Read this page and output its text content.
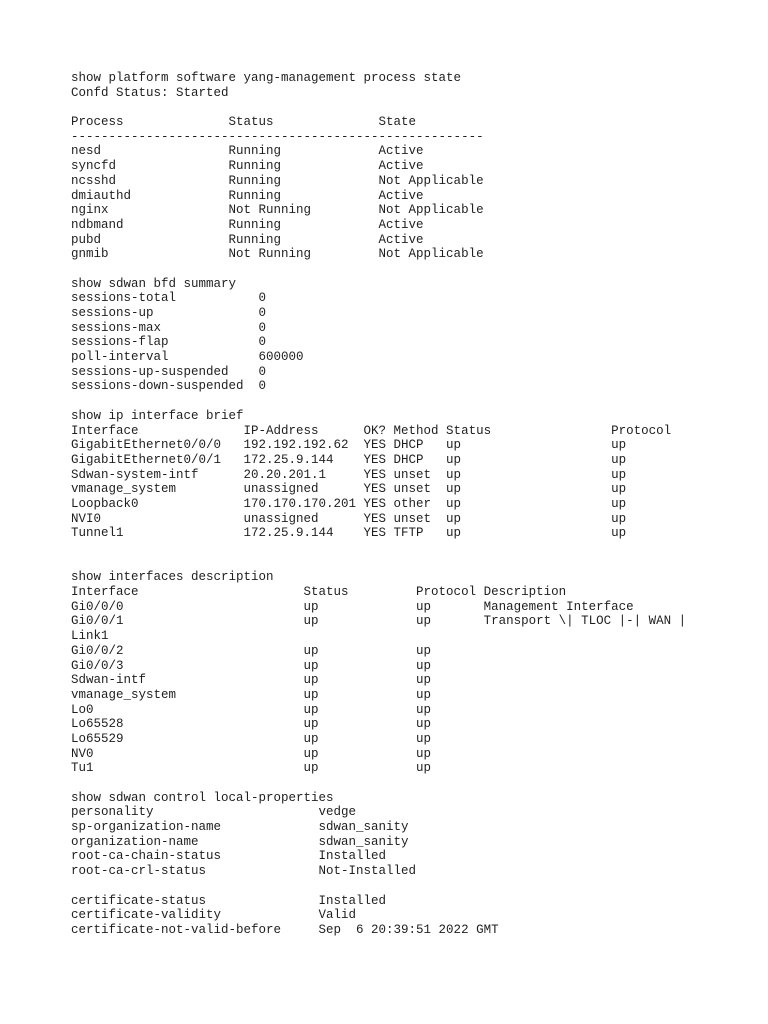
show platform software yang-management process state
Confd Status: Started
Process              Status              State
-------------------------------------------------------
nesd                 Running             Active
syncfd               Running             Active
ncsshd               Running             Not Applicable
dmiauthd             Running             Active
nginx                Not Running         Not Applicable
ndbmand              Running             Active
pubd                 Running             Active
gnmib                Not Running         Not Applicable
show sdwan bfd summary
sessions-total           0
sessions-up              0
sessions-max             0
sessions-flap            0
poll-interval            600000
sessions-up-suspended    0
sessions-down-suspended  0
show ip interface brief
Interface              IP-Address      OK? Method Status                Protocol
GigabitEthernet0/0/0   192.192.192.62  YES DHCP   up                    up
GigabitEthernet0/0/1   172.25.9.144    YES DHCP   up                    up
Sdwan-system-intf      20.20.201.1     YES unset  up                    up
vmanage_system         unassigned      YES unset  up                    up
Loopback0              170.170.170.201 YES other  up                    up
NVI0                   unassigned      YES unset  up                    up
Tunnel1                172.25.9.144    YES TFTP   up                    up
show interfaces description
Interface                      Status         Protocol Description
Gi0/0/0                        up             up       Management Interface
Gi0/0/1                        up             up       Transport \| TLOC |-| WAN |
Link1
Gi0/0/2                        up             up
Gi0/0/3                        up             up
Sdwan-intf                     up             up
vmanage_system                 up             up
Lo0                            up             up
Lo65528                        up             up
Lo65529                        up             up
NV0                            up             up
Tu1                            up             up
show sdwan control local-properties
personality                      vedge
sp-organization-name             sdwan_sanity
organization-name                sdwan_sanity
root-ca-chain-status             Installed
root-ca-crl-status               Not-Installed
certificate-status               Installed
certificate-validity             Valid
certificate-not-valid-before     Sep  6 20:39:51 2022 GMT
